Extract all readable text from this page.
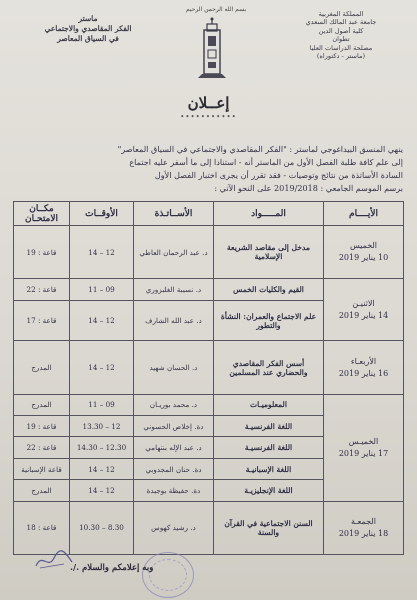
المملكة المغربية
جامعة عبد المالك السعدي
كلية أصول الدين
تطوان
مصلحة الدراسات العليا
(ماستر - دكتوراه)
بسم الله الرحمن الرحيم
ماستر
الفكر المقاصدي والاجتماعي
في السياق المعاصر
إعــلان
•••••••••••
ينهي المنسق البيداغوجي لماستر : "الفكر المقاصدي والاجتماعي في السياق المعاصر"
إلى علم كافة طلبة الفصل الأول من الماستر أنه - استنادا إلى ما أسفر عليه اجتماع
السادة الأساتذة من نتائج وتوصيات - فقد تقرر أن يجرى اختبار الفصل الأول
برسم الموسم الجامعي : 2019/2018 على النحو الآتي :
الأيــــام	المـــــواد	الأســاتـذة	الأوقــات	مكــان الامتحـان

الخميس
10 يناير 2019	مدخل إلى مقاصد الشريعة الإسلامية	د. عبد الرحمان العاطي	12 – 14	قاعة : 19

الاثنيـن
14 يناير 2019	القيم والكليات الخمس	د. نسيبة الغلبزوري	09 – 11	قاعة : 22
	علم الاجتماع والعمران: النشأة والتطور	د. عبد الله الشارف	12 – 14	قاعة : 17

الأربعـاء
16 يناير 2019	أسس الفكر المقاصدي والحضاري عند المسلمين	د. الحسان شهيد	12 – 14	المدرج

الخميـس
17 يناير 2019	المعلوميـات	د. محمد بوريـان	09 – 11	المدرج
	اللغة الفرنسيـة	دة. إخلاص الحسوني	12 – 13.30	قاعة : 19
	اللغة الفرنسيـة	د. عبد الإله بنتهامي	12.30 – 14.30	قاعة : 22
	اللغة الإسبانيـة	دة. حنان المجدوبي	12 – 14	قاعة الإسبانية
	اللغة الإنجليزيـة	دة. حفيظة بوجيدة	12 – 14	المدرج

الجمعـة
18 يناير 2019	السنن الاجتماعية في القرآن والسنة	د. رشيد كهوس	8.30 – 10.30	قاعة : 18
وبه إعلامكم والسلام ./.
